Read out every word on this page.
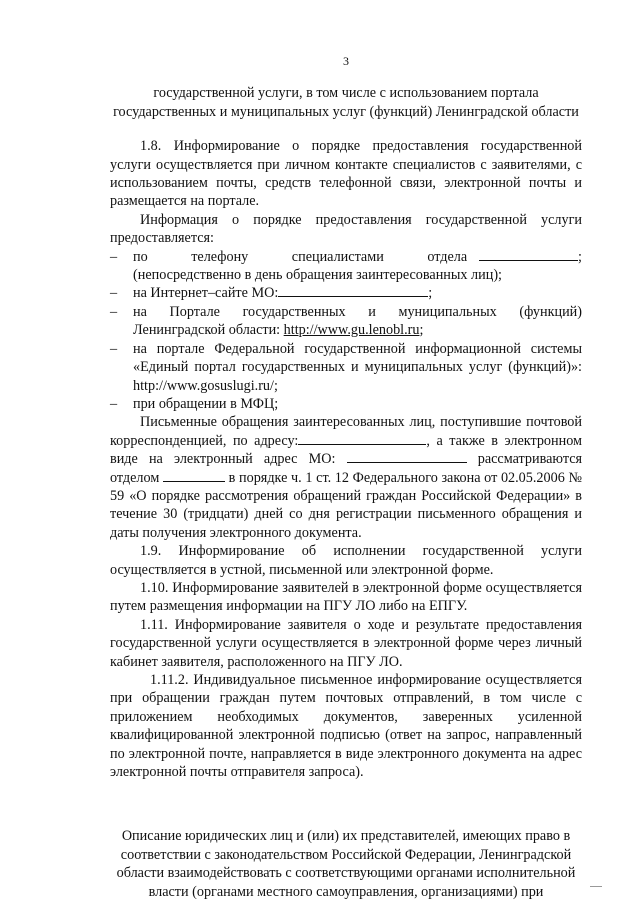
3
государственной услуги, в том числе с использованием портала
государственных и муниципальных услуг (функций) Ленинградской области
1.8. Информирование о порядке предоставления государственной услуги осуществляется при личном контакте специалистов с заявителями, с использованием почты, средств телефонной связи, электронной почты и размещается на портале.
Информация о порядке предоставления государственной услуги предоставляется:
–	по телефону специалистами отдела	;
(непосредственно в день обращения заинтересованных лиц);
–	на Интернет–сайте МО:	;
–	на Порталe государственных и муниципальных (функций) Ленинградской области: http://www.gu.lenobl.ru;
–	на портале Федеральной государственной информационной системы «Единый портал государственных и муниципальных услуг (функций)»: http://www.gosuslugi.ru/;
–	при обращении в МФЦ;
Письменные обращения заинтересованных лиц, поступившие почтовой корреспонденцией, по адресу:	, а также в электронном виде на электронный адрес МО:	рассматриваются отделом	в порядке ч. 1 ст. 12 Федерального закона от 02.05.2006 № 59 «О порядке рассмотрения обращений граждан Российской Федерации» в течение 30 (тридцати) дней со дня регистрации письменного обращения и даты получения электронного документа.
1.9. Информирование об исполнении государственной услуги осуществляется в устной, письменной или электронной форме.
1.10. Информирование заявителей в электронной форме осуществляется путем размещения информации на ПГУ ЛО либо на ЕПГУ.
1.11. Информирование заявителя о ходе и результате предоставления государственной услуги осуществляется в электронной форме через личный кабинет заявителя, расположенного на ПГУ ЛО.
1.11.2. Индивидуальное письменное информирование осуществляется при обращении граждан путем почтовых отправлений, в том числе с приложением необходимых документов, заверенных усиленной квалифицированной электронной подписью (ответ на запрос, направленный по электронной почте, направляется в виде электронного документа на адрес электронной почты отправителя запроса).
Описание юридических лиц и (или) их представителей, имеющих право в
соответствии с законодательством Российской Федерации, Ленинградской
области взаимодействовать с соответствующими органами исполнительной
власти (органами местного самоуправления, организациями) при
